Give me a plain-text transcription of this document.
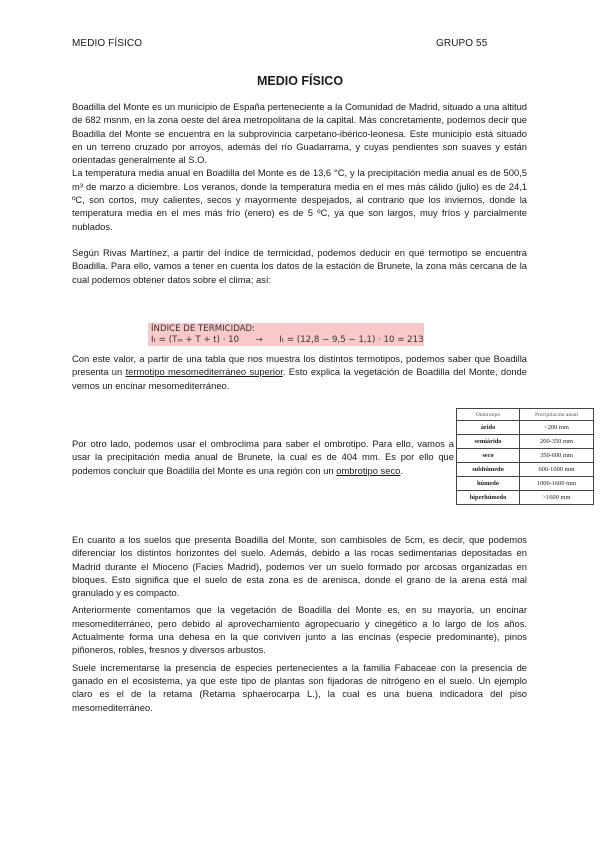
MEDIO FÍSICO	GRUPO 55
MEDIO FÍSICO

Boadilla del Monte es un municipio de España perteneciente a la Comunidad de Madrid, situado a una altitud de 682 msnm, en la zona oeste del área metropolitana de la capital. Más concretamente, podemos decir que Boadilla del Monte se encuentra en la subprovincia carpetano-ibérico-leonesa. Este municipio está situado en un terreno cruzado por arroyos, además del río Guadarrama, y cuyas pendientes son suaves y están orientadas generalmente al S.O.

La temperatura media anual en Boadilla del Monte es de 13,6 °C, y la precipitación media anual es de 500,5 m³ de marzo a diciembre. Los veranos, donde la temperatura media en el mes más cálido (julio) es de 24,1 ºC, son cortos, muy calientes, secos y mayormente despejados, al contrario que los inviernos, donde la temperatura media en el mes más frío (enero) es de 5 ºC, ya que son largos, muy fríos y parcialmente nublados.

Según Rivas Martínez, a partir del índice de termicidad, podemos deducir en qué termotipo se encuentra Boadilla. Para ello, vamos a tener en cuenta los datos de la estación de Brunete, la zona más cercana de la cual podemos obtener datos sobre el clima; así:

ÍNDICE DE TERMICIDAD:
Iₜ = (Tₘ + T + t) · 10 → Iₜ = (12,8 − 9,5 − 1,1) · 10 = 213

Con este valor, a partir de una tabla que nos muestra los distintos termotipos, podemos saber que Boadilla presenta un termotipo mesomediterráneo superior. Esto explica la vegetación de Boadilla del Monte, donde vemos un encinar mesomediterráneo.

Por otro lado, podemos usar el ombroclima para saber el ombrotipo. Para ello, vamos a usar la precipitación media anual de Brunete, la cual es de 404 mm. Es por ello que podemos concluir que Boadilla del Monte es una región con un ombrotipo seco.

Ombrotipo	Precipitación anual
árido	<200 mm
semiárido	200-350 mm
seco	350-600 mm
subhúmedo	600-1000 mm
húmedo	1000-1600 mm
hiperhúmedo	>1600 mm

En cuanto a los suelos que presenta Boadilla del Monte, son cambisoles de 5cm, es decir, que podemos diferenciar los distintos horizontes del suelo. Además, debido a las rocas sedimentarias depositadas en Madrid durante el Mioceno (Facies Madrid), podemos ver un suelo formado por arcosas organizadas en bloques. Esto significa que el suelo de esta zona es de arenisca, donde el grano de la arena está mal granulado y es compacto.

Anteriormente comentamos que la vegetación de Boadilla del Monte es, en su mayoría, un encinar mesomediterráneo, pero debido al aprovechamiento agropecuario y cinegético a lo largo de los años. Actualmente forma una dehesa en la que conviven junto a las encinas (especie predominante), pinos piñoneros, robles, fresnos y diversos arbustos.

Suele incrementarse la presencia de especies pertenecientes a la familia Fabaceae con la presencia de ganado en el ecosistema, ya que este tipo de plantas son fijadoras de nitrógeno en el suelo. Un ejemplo claro es el de la retama (Retama sphaerocarpa L.), la cual es una buena indicadora del piso mesomediterráneo.
